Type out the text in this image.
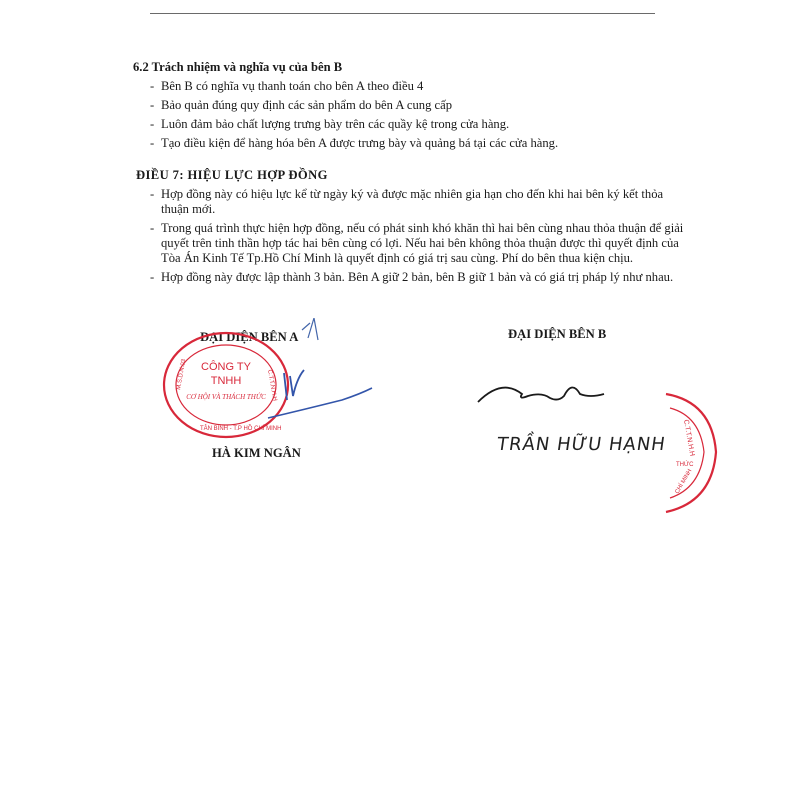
6.2 Trách nhiệm và nghĩa vụ của bên B
- Bên B có nghĩa vụ thanh toán cho bên A theo điều 4
- Bảo quản đúng quy định các sản phẩm do bên A cung cấp
- Luôn đảm bảo chất lượng trưng bày trên các quầy kệ trong cửa hàng.
- Tạo điều kiện để hàng hóa bên A được trưng bày và quảng bá tại các cửa hàng.
ĐIỀU 7: HIỆU LỰC HỢP ĐỒNG
- Hợp đồng này có hiệu lực kể từ ngày ký và được mặc nhiên gia hạn cho đến khi hai bên ký kết thỏa thuận mới.
- Trong quá trình thực hiện hợp đồng, nếu có phát sinh khó khăn thì hai bên cùng nhau thỏa thuận để giải quyết trên tinh thần hợp tác hai bên cùng có lợi. Nếu hai bên không thỏa thuận được thì quyết định của Tòa Án Kinh Tế Tp.Hồ Chí Minh là quyết định có giá trị sau cùng. Phí do bên thua kiện chịu.
- Hợp đồng này được lập thành 3 bản. Bên A giữ 2 bản, bên B giữ 1 bản và có giá trị pháp lý như nhau.
ĐẠI DIỆN BÊN A
CÔNG TY
TNHH
CƠ HỘI VÀ THÁCH THỨC
M.S.D.N:03	C.T.T.N.H.H
TÂN BÌNH - T.P HỒ CHÍ MINH
HÀ KIM NGÂN
ĐẠI DIỆN BÊN B
TRẦN HỮU HẠNH C.T.T.N.H.H
THỨC
CHÍ MINH
